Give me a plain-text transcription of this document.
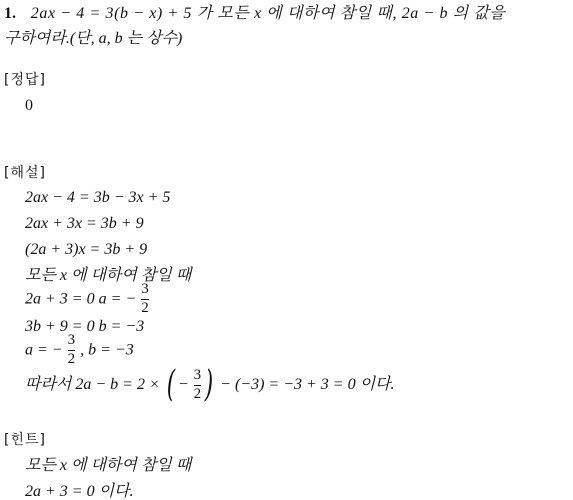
1. 2ax − 4 = 3(b − x) + 5 가 모든 x 에 대하여 참일 때, 2a − b 의 값을
구하여라.(단, a, b 는 상수)
[정답]
0
[해설]
2ax − 4 = 3b − 3x + 5
2ax + 3x = 3b + 9
(2a + 3)x = 3b + 9
모든 x 에 대하여 참일 때
2a + 3 = 0 a = − $\frac{3}{2}$
3b + 9 = 0 b = −3
a = − $\frac{3}{2}$ , b = −3
따라서 2a − b = 2 × ( − $\frac{3}{2}$ ) − (−3) = −3 + 3 = 0 이다.
[힌트]
모든 x 에 대하여 참일 때
2a + 3 = 0 이다.
